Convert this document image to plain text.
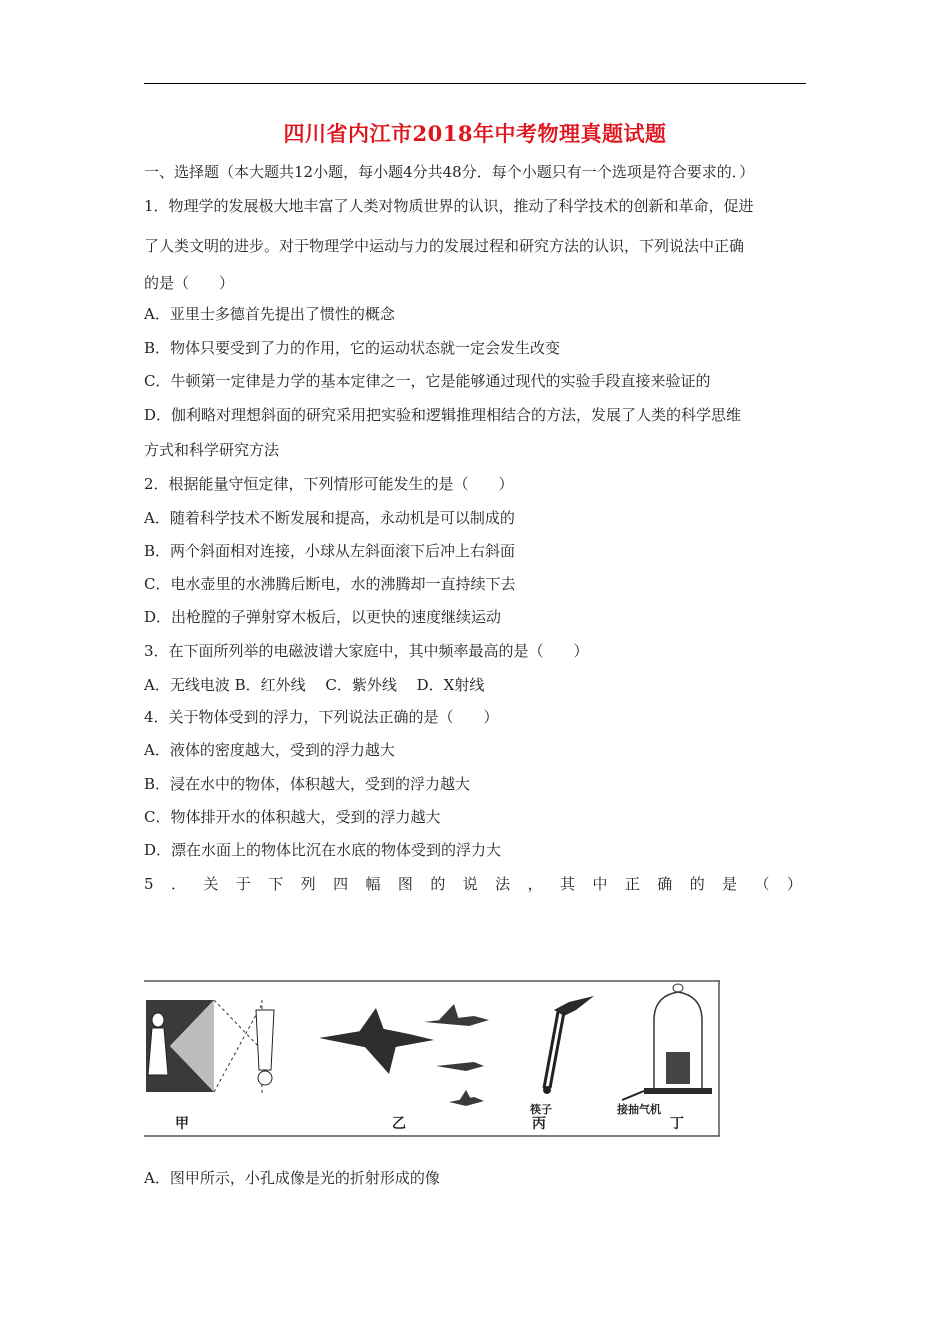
四川省内江市2018年中考物理真题试题
一、选择题（本大题共12小题，每小题4分共48分．每个小题只有一个选项是符合要求的．）
1．物理学的发展极大地丰富了人类对物质世界的认识，推动了科学技术的创新和革命，促进
了人类文明的进步。对于物理学中运动与力的发展过程和研究方法的认识，下列说法中正确
的是（　　）
A．亚里士多德首先提出了惯性的概念
B．物体只要受到了力的作用，它的运动状态就一定会发生改变
C．牛顿第一定律是力学的基本定律之一，它是能够通过现代的实验手段直接来验证的
D．伽利略对理想斜面的研究采用把实验和逻辑推理相结合的方法，发展了人类的科学思维
方式和科学研究方法
2．根据能量守恒定律，下列情形可能发生的是（　　）
A．随着科学技术不断发展和提高，永动机是可以制成的
B．两个斜面相对连接，小球从左斜面滚下后冲上右斜面
C．电水壶里的水沸腾后断电，水的沸腾却一直持续下去
D．出枪膛的子弹射穿木板后，以更快的速度继续运动
3．在下面所列举的电磁波谱大家庭中，其中频率最高的是（　　）
A．无线电波 B．红外线　 C．紫外线　 D．X射线
4．关于物体受到的浮力，下列说法正确的是（　　）
A．液体的密度越大，受到的浮力越大
B．浸在水中的物体，体积越大，受到的浮力越大
C．物体排开水的体积越大，受到的浮力越大
D．漂在水面上的物体比沉在水底的物体受到的浮力大
5 ． 关 于 下 列 四 幅 图 的 说 法 ， 其 中 正 确 的 是 （ ）
甲	乙
筷子
丙
接抽气机
丁
A．图甲所示，小孔成像是光的折射形成的像
